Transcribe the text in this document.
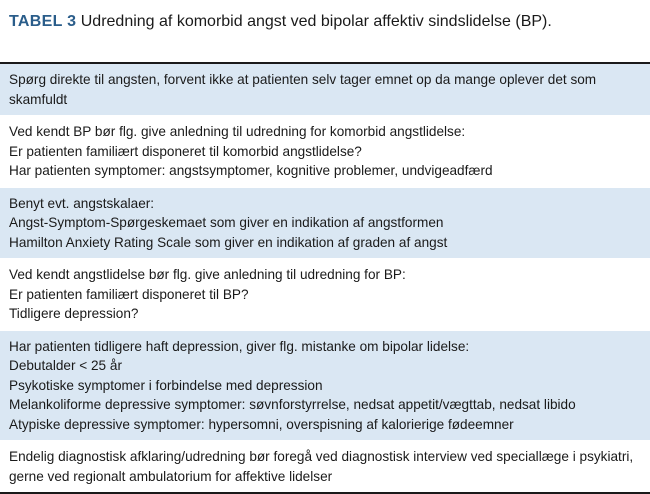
TABEL 3 Udredning af komorbid angst ved bipolar affektiv sindslidelse (BP).
Spørg direkte til angsten, forvent ikke at patienten selv tager emnet op da mange oplever det som skamfuldt
Ved kendt BP bør flg. give anledning til udredning for komorbid angstlidelse:
Er patienten familiært disponeret til komorbid angstlidelse?
Har patienten symptomer: angstsymptomer, kognitive problemer, undvigeadfærd
Benyt evt. angstskalaer:
Angst-Symptom-Spørgeskemaet som giver en indikation af angstformen
Hamilton Anxiety Rating Scale som giver en indikation af graden af angst
Ved kendt angstlidelse bør flg. give anledning til udredning for BP:
Er patienten familiært disponeret til BP?
Tidligere depression?
Har patienten tidligere haft depression, giver flg. mistanke om bipolar lidelse:
Debutalder < 25 år
Psykotiske symptomer i forbindelse med depression
Melankoliforme depressive symptomer: søvnforstyrrelse, nedsat appetit/vægttab, nedsat libido
Atypiske depressive symptomer: hypersomni, overspisning af kalorierige fødeemner
Endelig diagnostisk afklaring/udredning bør foregå ved diagnostisk interview ved speciallæge i psykiatri, gerne ved regionalt ambulatorium for affektive lidelser
